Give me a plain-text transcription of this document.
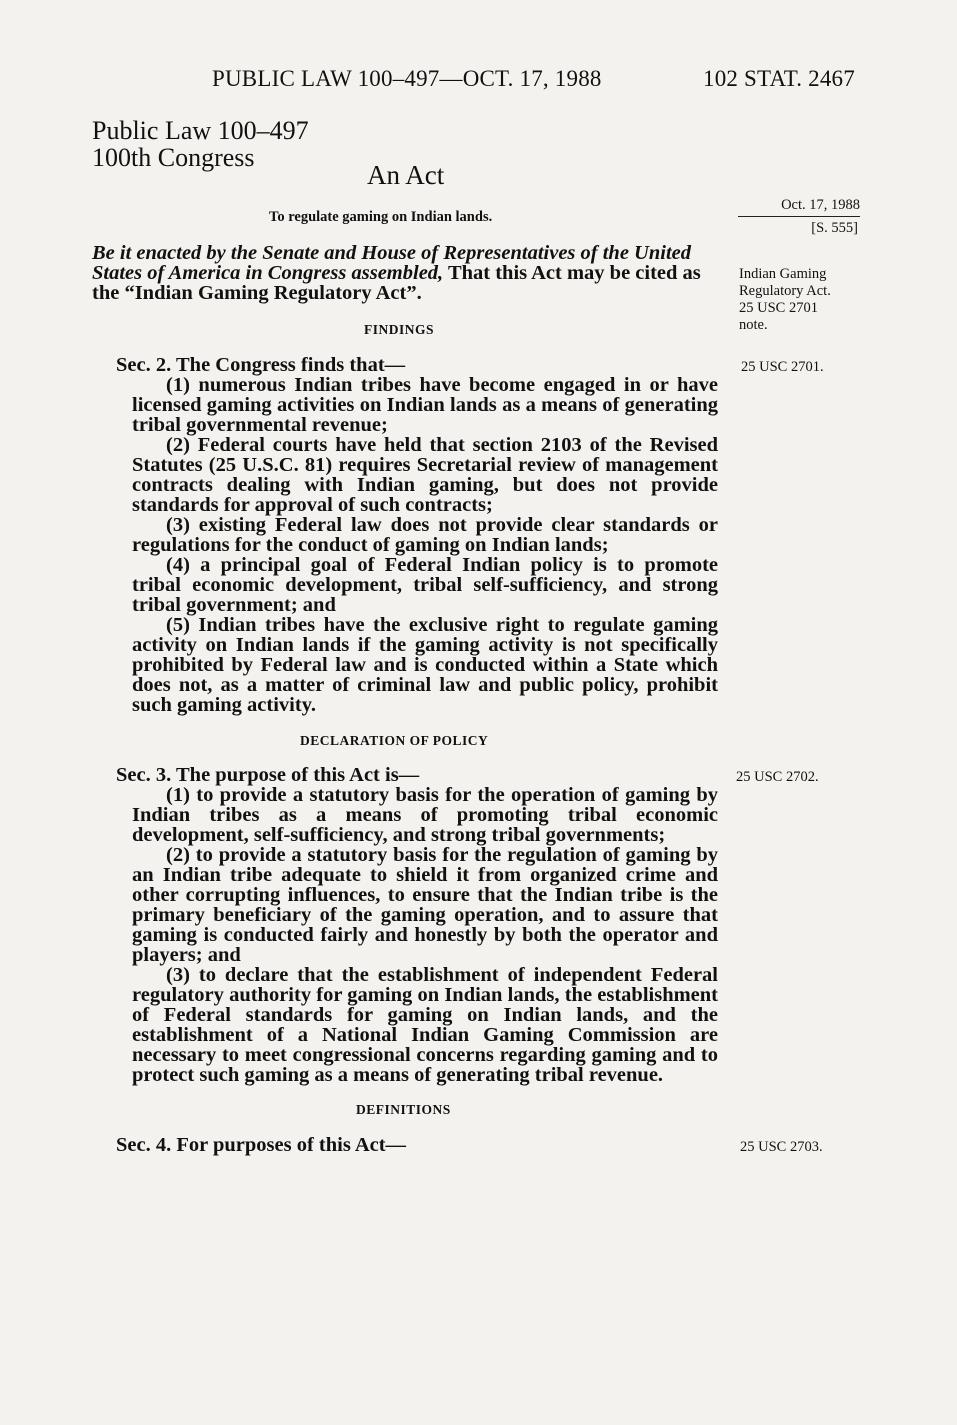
PUBLIC LAW 100–497—OCT. 17, 1988	102 STAT. 2467
Public Law 100–497
100th Congress
An Act
To regulate gaming on Indian lands.
Oct. 17, 1988
[S. 555]
Indian Gaming
Regulatory Act.
25 USC 2701
note.
Be it enacted by the Senate and House of Representatives of the United States of America in Congress assembled, That this Act may be cited as the “Indian Gaming Regulatory Act”.
FINDINGS
25 USC 2701.
Sec. 2. The Congress finds that—

(1) numerous Indian tribes have become engaged in or have licensed gaming activities on Indian lands as a means of generating tribal governmental revenue;

(2) Federal courts have held that section 2103 of the Revised Statutes (25 U.S.C. 81) requires Secretarial review of management contracts dealing with Indian gaming, but does not provide standards for approval of such contracts;

(3) existing Federal law does not provide clear standards or regulations for the conduct of gaming on Indian lands;

(4) a principal goal of Federal Indian policy is to promote tribal economic development, tribal self-sufficiency, and strong tribal government; and

(5) Indian tribes have the exclusive right to regulate gaming activity on Indian lands if the gaming activity is not specifically prohibited by Federal law and is conducted within a State which does not, as a matter of criminal law and public policy, prohibit such gaming activity.

DECLARATION OF POLICY
25 USC 2702.
Sec. 3. The purpose of this Act is—

(1) to provide a statutory basis for the operation of gaming by Indian tribes as a means of promoting tribal economic development, self-sufficiency, and strong tribal governments;

(2) to provide a statutory basis for the regulation of gaming by an Indian tribe adequate to shield it from organized crime and other corrupting influences, to ensure that the Indian tribe is the primary beneficiary of the gaming operation, and to assure that gaming is conducted fairly and honestly by both the operator and players; and

(3) to declare that the establishment of independent Federal regulatory authority for gaming on Indian lands, the establishment of Federal standards for gaming on Indian lands, and the establishment of a National Indian Gaming Commission are necessary to meet congressional concerns regarding gaming and to protect such gaming as a means of generating tribal revenue.

DEFINITIONS
25 USC 2703.
Sec. 4. For purposes of this Act—
